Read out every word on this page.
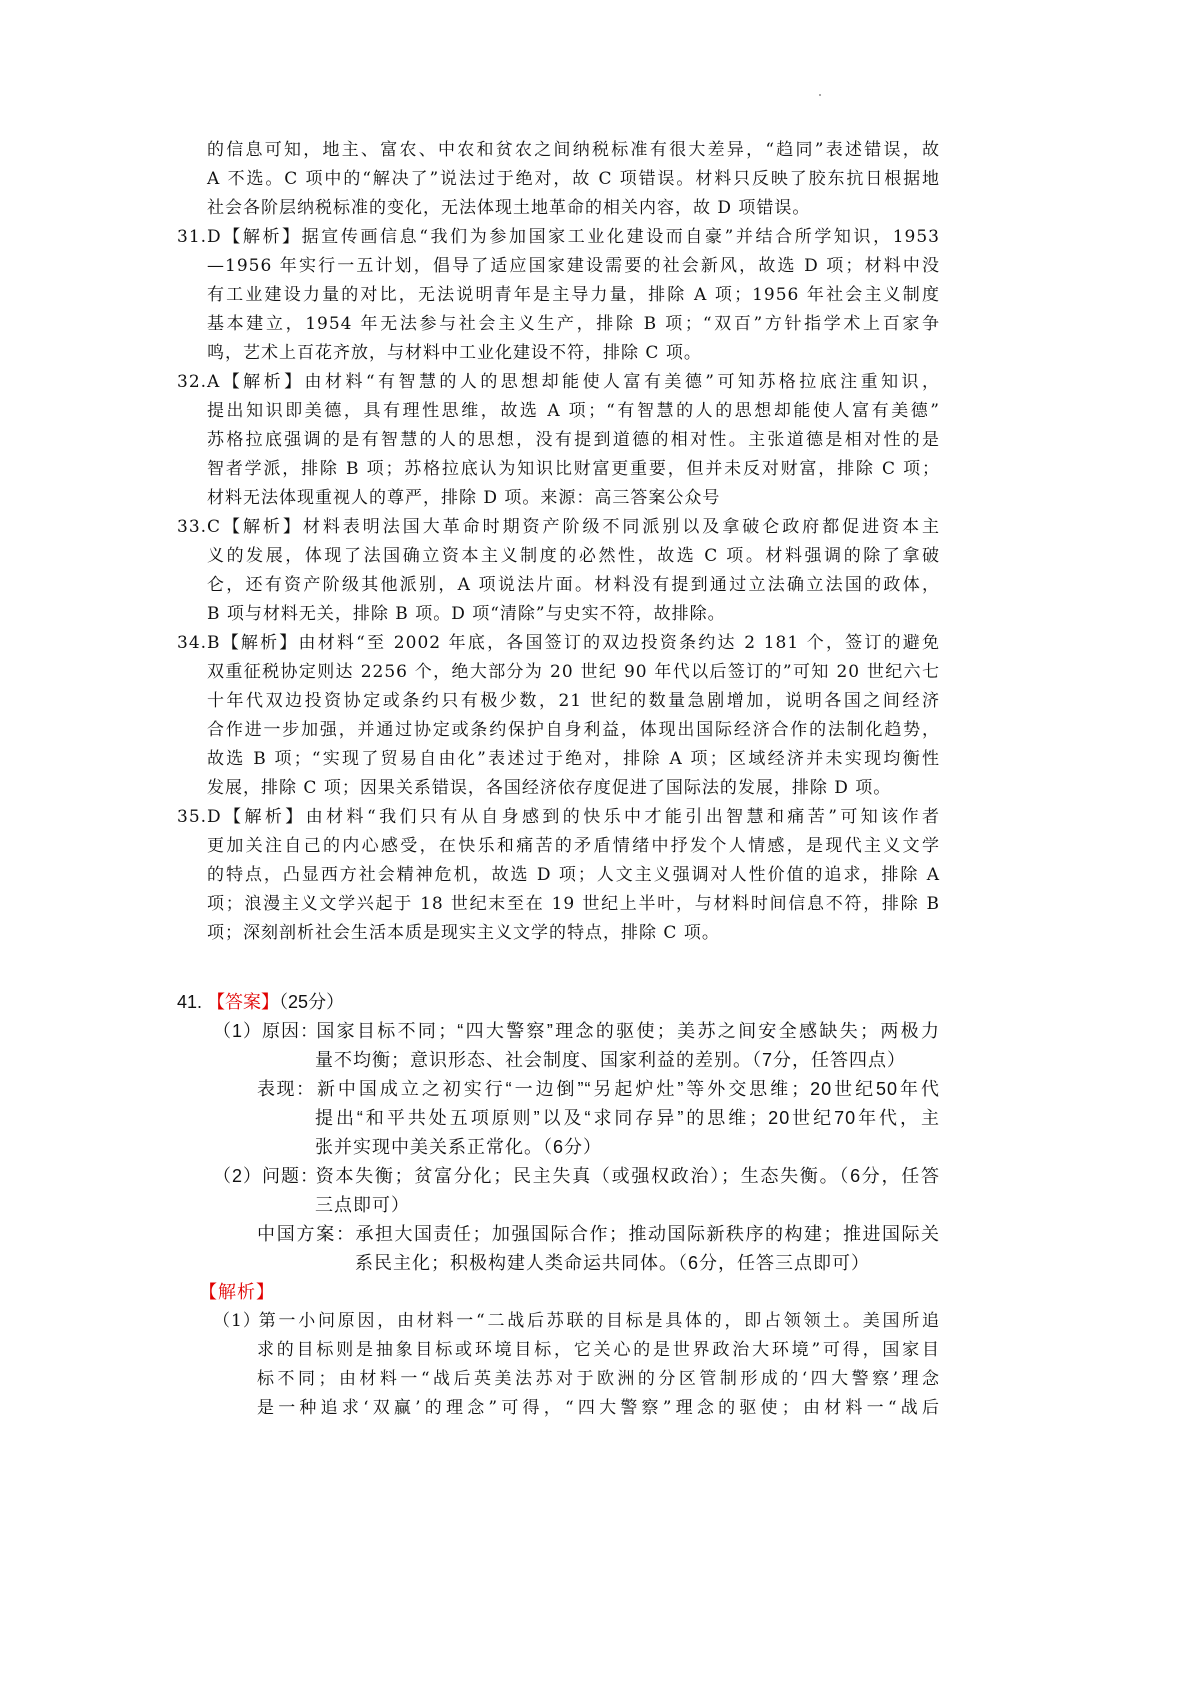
的信息可知，地主、富农、中农和贫农之间纳税标准有很大差异，“趋同”表述错误，故
A 不选。C 项中的“解决了”说法过于绝对，故 C 项错误。材料只反映了胶东抗日根据地
社会各阶层纳税标准的变化，无法体现土地革命的相关内容，故 D 项错误。
31.D【解析】据宣传画信息“我们为参加国家工业化建设而自豪”并结合所学知识，1953
—1956 年实行一五计划，倡导了适应国家建设需要的社会新风，故选 D 项；材料中没
有工业建设力量的对比，无法说明青年是主导力量，排除 A 项；1956 年社会主义制度
基本建立，1954 年无法参与社会主义生产，排除 B 项；“双百”方针指学术上百家争
鸣，艺术上百花齐放，与材料中工业化建设不符，排除 C 项。
32.A【解析】由材料“有智慧的人的思想却能使人富有美德”可知苏格拉底注重知识，
提出知识即美德，具有理性思维，故选 A 项；“有智慧的人的思想却能使人富有美德”
苏格拉底强调的是有智慧的人的思想，没有提到道德的相对性。主张道德是相对性的是
智者学派，排除 B 项；苏格拉底认为知识比财富更重要，但并未反对财富，排除 C 项；
材料无法体现重视人的尊严，排除 D 项。来源：高三答案公众号
33.C【解析】材料表明法国大革命时期资产阶级不同派别以及拿破仑政府都促进资本主
义的发展，体现了法国确立资本主义制度的必然性，故选 C 项。材料强调的除了拿破
仑，还有资产阶级其他派别，A 项说法片面。材料没有提到通过立法确立法国的政体，
B 项与材料无关，排除 B 项。D 项“清除”与史实不符，故排除。
34.B【解析】由材料“至 2002 年底，各国签订的双边投资条约达 2 181 个，签订的避免
双重征税协定则达 2256 个，绝大部分为 20 世纪 90 年代以后签订的”可知 20 世纪六七
十年代双边投资协定或条约只有极少数，21 世纪的数量急剧增加，说明各国之间经济
合作进一步加强，并通过协定或条约保护自身利益，体现出国际经济合作的法制化趋势，
故选 B 项；“实现了贸易自由化”表述过于绝对，排除 A 项；区域经济并未实现均衡性
发展，排除 C 项；因果关系错误，各国经济依存度促进了国际法的发展，排除 D 项。
35.D【解析】由材料“我们只有从自身感到的快乐中才能引出智慧和痛苦”可知该作者
更加关注自己的内心感受，在快乐和痛苦的矛盾情绪中抒发个人情感，是现代主义文学
的特点，凸显西方社会精神危机，故选 D 项；人文主义强调对人性价值的追求，排除 A
项；浪漫主义文学兴起于 18 世纪末至在 19 世纪上半叶，与材料时间信息不符，排除 B
项；深刻剖析社会生活本质是现实主义文学的特点，排除 C 项。
41. 【答案】（25分）
（1）原因：国家目标不同；“四大警察”理念的驱使；美苏之间安全感缺失；两极力
量不均衡；意识形态、社会制度、国家利益的差别。（7分，任答四点）
表现：新中国成立之初实行“一边倒”“另起炉灶”等外交思维；20世纪50年代
提出“和平共处五项原则”以及“求同存异”的思维；20世纪70年代，主
张并实现中美关系正常化。（6分）
（2）问题：资本失衡；贫富分化；民主失真（或强权政治）；生态失衡。（6分，任答
三点即可）
中国方案：承担大国责任；加强国际合作；推动国际新秩序的构建；推进国际关
系民主化；积极构建人类命运共同体。（6分，任答三点即可）
【解析】
（1）第一小问原因，由材料一“二战后苏联的目标是具体的，即占领领土。美国所追
求的目标则是抽象目标或环境目标，它关心的是世界政治大环境”可得，国家目
标不同；由材料一“战后英美法苏对于欧洲的分区管制形成的‘四大警察’理念
是一种追求‘双赢’的理念”可得，“四大警察”理念的驱使；由材料一“战后
